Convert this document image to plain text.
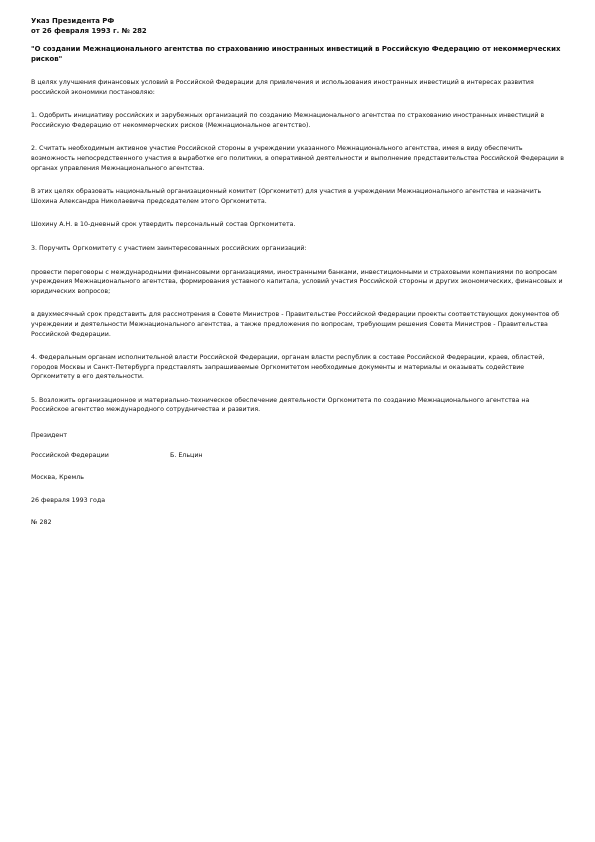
Указ Президента РФ
от 26 февраля 1993 г. № 282
"О создании Межнационального агентства по страхованию иностранных инвестиций в Российскую Федерацию от некоммерческих рисков"

В целях улучшения финансовых условий в Российской Федерации для привлечения и использования иностранных инвестиций в интересах развития российской экономики постановляю:

1. Одобрить инициативу российских и зарубежных организаций по созданию Межнационального агентства по страхованию иностранных инвестиций в Российскую Федерацию от некоммерческих рисков (Межнациональное агентство).

2. Считать необходимым активное участие Российской стороны в учреждении указанного Межнационального агентства, имея в виду обеспечить возможность непосредственного участия в выработке его политики, в оперативной деятельности и выполнение представительства Российской Федерации в органах управления Межнационального агентства.

В этих целях образовать национальный организационный комитет (Оргкомитет) для участия в учреждении Межнационального агентства и назначить Шохина Александра Николаевича председателем этого Оргкомитета.

Шохину А.Н. в 10-дневный срок утвердить персональный состав Оргкомитета.

3. Поручить Оргкомитету с участием заинтересованных российских организаций:

провести переговоры с международными финансовыми организациями, иностранными банками, инвестиционными и страховыми компаниями по вопросам учреждения Межнационального агентства, формирования уставного капитала, условий участия Российской стороны и других экономических, финансовых и юридических вопросов;

в двухмесячный срок представить для рассмотрения в Совете Министров - Правительстве Российской Федерации проекты соответствующих документов об учреждении и деятельности Межнационального агентства, а также предложения по вопросам, требующим решения Совета Министров - Правительства Российской Федерации.

4. Федеральным органам исполнительной власти Российской Федерации, органам власти республик в составе Российской Федерации, краев, областей, городов Москвы и Санкт-Петербурга представлять запрашиваемые Оргкомитетом необходимые документы и материалы и оказывать содействие Оргкомитету в его деятельности.

5. Возложить организационное и материально-техническое обеспечение деятельности Оргкомитета по созданию Межнационального агентства на Российское агентство международного сотрудничества и развития.

Президент
Российской Федерации	Б. Ельцин
Москва, Кремль
26 февраля 1993 года
№ 282
